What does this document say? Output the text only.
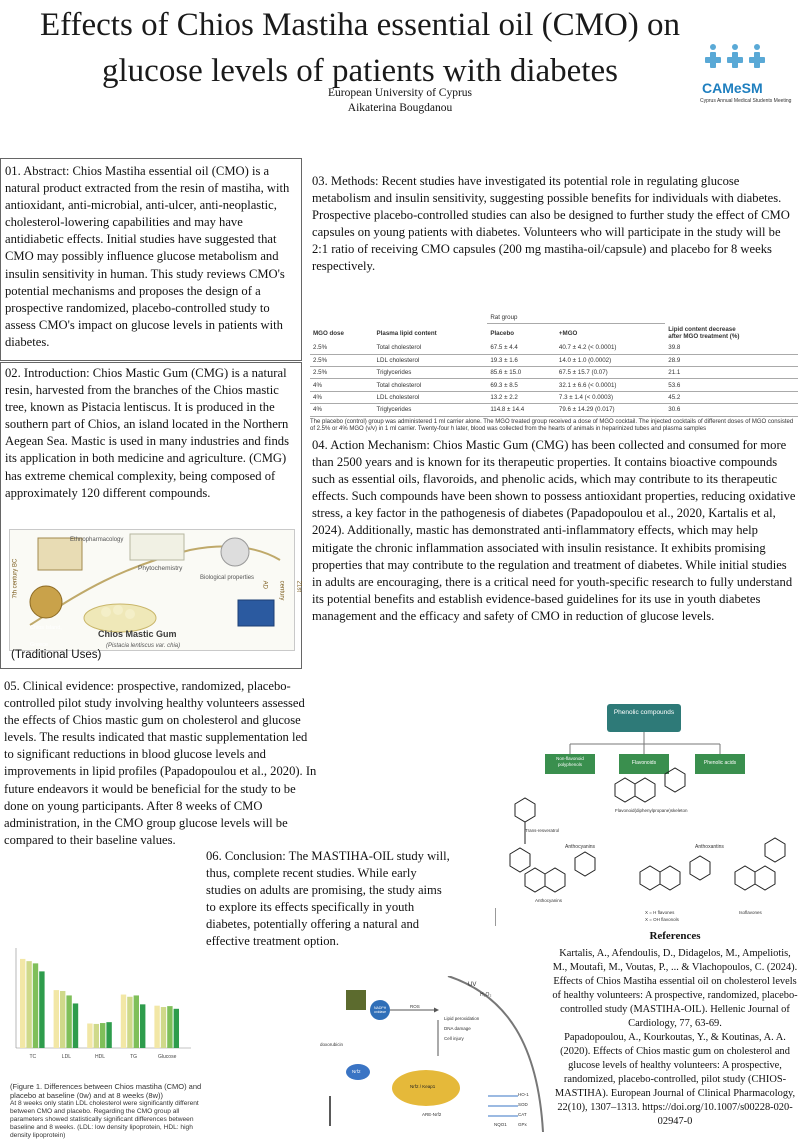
Effects of Chios Mastiha essential oil (CMO) on
glucose levels of patients with diabetes
European University of Cyprus
Aikaterina Bougdanou
CAMeSM
Cyprus Annual Medical Students Meeting
01. Abstract: Chios Mastiha essential oil (CMO) is a natural product extracted from the resin of mastiha, with antioxidant, anti-microbial, anti-ulcer, anti-neoplastic, cholesterol-lowering capabilities and may have antidiabetic effects. Initial studies have suggested that CMO may possibly influence glucose metabolism and insulin sensitivity in human. This study reviews CMO's potential mechanisms and proposes the design of a prospective randomized, placebo-controlled study to assess CMO's impact on glucose levels in patients with diabetes.
02. Introduction: Chios Mastic Gum (CMG) is a natural resin, harvested from the branches of the Chios mastic tree, known as Pistacia lentiscus. It is produced in the southern part of Chios, an island located in the Northern Aegean Sea. Mastic is used in many industries and finds its application in both medicine and agriculture. (CMG) has extreme chemical complexity, being composed of approximately 120 different compounds.
Ethnopharmacology
Phytochemistry
Biological properties
7th century BC	21st century AD
Chios Island, Greece
Chios Mastic Gum
(Pistacia lentiscus var. chia)
(Traditional Uses)
03. Methods: Recent studies have investigated its potential role in regulating glucose metabolism and insulin sensitivity, suggesting possible benefits for individuals with diabetes. Prospective placebo-controlled studies can also be designed to further study the effect of CMO capsules on young patients with diabetes. Volunteers who will participate in the study will be 2:1 ratio of receiving CMO capsules (200 mg mastiha-oil/capsule) and placebo for 8 weeks respectively.
		Rat group		
MGO dose	Plasma lipid content	Placebo	+MGO	Lipid content decrease
after MGO treatment (%)
2.5%	Total cholesterol	67.5 ± 4.4	40.7 ± 4.2 (< 0.0001)	39.8
2.5%	LDL cholesterol	19.3 ± 1.6	14.0 ± 1.0 (0.0002)	28.9
2.5%	Triglycerides	85.6 ± 15.0	67.5 ± 15.7 (0.07)	21.1
4%	Total cholesterol	69.3 ± 8.5	32.1 ± 6.6 (< 0.0001)	53.6
4%	LDL cholesterol	13.2 ± 2.2	7.3 ± 1.4 (< 0.0003)	45.2
4%	Triglycerides	114.8 ± 14.4	79.6 ± 14.29 (0.017)	30.6
The placebo (control) group was administered 1 ml carrier alone. The MGO treated group received a dose of MGO cocktail. The injected cocktails of different doses of MGO consisted of 2.5% or 4% MGO (v/v) in 1 ml carrier. Twenty-four h later, blood was collected from the hearts of animals in heparinized tubes and plasma samples
04. Action Mechanism: Chios Mastic Gum (CMG) has been collected and consumed for more than 2500 years and is known for its therapeutic properties. It contains bioactive compounds such as essential oils, flavoroids, and phenolic acids, which may contribute to its therapeutic effects. Such compounds have been shown to possess antioxidant properties, reducing oxidative stress, a key factor in the pathogenesis of diabetes (Papadopoulou et al., 2020, Kartalis et al, 2024). Additionally, mastic has demonstrated anti-inflammatory effects, which may help mitigate the chronic inflammation associated with insulin resistance. It exhibits promising properties that may contribute to the regulation and treatment of diabetes. While initial studies in adults are encouraging, there is a critical need for youth-specific research to fully understand its potential benefits and establish evidence-based guidelines for its use in youth diabetes management and the efficacy and safety of CMO in reduction of glucose levels.
05. Clinical evidence: prospective, randomized, placebo-controlled pilot study involving healthy volunteers assessed the effects of Chios mastic gum on cholesterol and glucose levels. The results indicated that mastic supplementation led to significant reductions in blood glucose levels and improvements in lipid profiles (Papadopoulou et al., 2020). In future endeavors it would be beneficial for the study to be done on young participants. After 8 weeks of CMO administration, in the CMO group glucose levels will be compared to their baseline values.
Phenolic compounds
Non-flavonoid polyphenols	Flavonoids	Phenolic acids
Trans-resveratrol
Flavonoid(diphenylpropane)skeleton
Anthocyanins	Anthoxantins
Anthocyanins
X = H flavones
X = OH flavonols
Isoflavones
06. Conclusion: The MASTIHA-OIL study will, thus, complete recent studies. While early studies on adults are promising, the study aims to explore its effects specifically in youth diabetes, potentially offering a natural and effective treatment option.
TC	LDL	HDL	TG	Glucose
(Figure 1. Differences between Chios mastiha (CMO) and placebo at baseline (0w) and at 8 weeks (8w))
At 8 weeks only statin LDL cholesterol were significantly different between CMO and placebo. Regarding the CMO group all parameters showed statistically significant differences between baseline and 8 weeks. (LDL: low density lipoprotein, HDL: high density lipoprotein)
UV
H₂O₂
NADPH oxidase
ROS
Lipid peroxidation
DNA damage
Cell injury
doxorubicin
Nrf2
Nrf2 / Keap1
ARE-Nrf2
HO-1
SOD
CAT
GPx
NQO1
References
Kartalis, A., Afendoulis, D., Didagelos, M., Ampeliotis, M., Moutafi, M., Voutas, P., ... & Vlachopoulos, C. (2024). Effects of Chios Mastiha essential oil on cholesterol levels of healthy volunteers: A prospective, randomized, placebo-controlled study (MASTIHA-OIL). Hellenic Journal of Cardiology, 77, 63-69.
Papadopoulou, A., Kourkoutas, Y., & Koutinas, A. A. (2020). Effects of Chios mastic gum on cholesterol and glucose levels of healthy volunteers: A prospective, randomized, placebo-controlled, pilot study (CHIOS-MASTIHA). European Journal of Clinical Pharmacology, 22(10), 1307–1313. https://doi.org/10.1007/s00228-020-02947-0
